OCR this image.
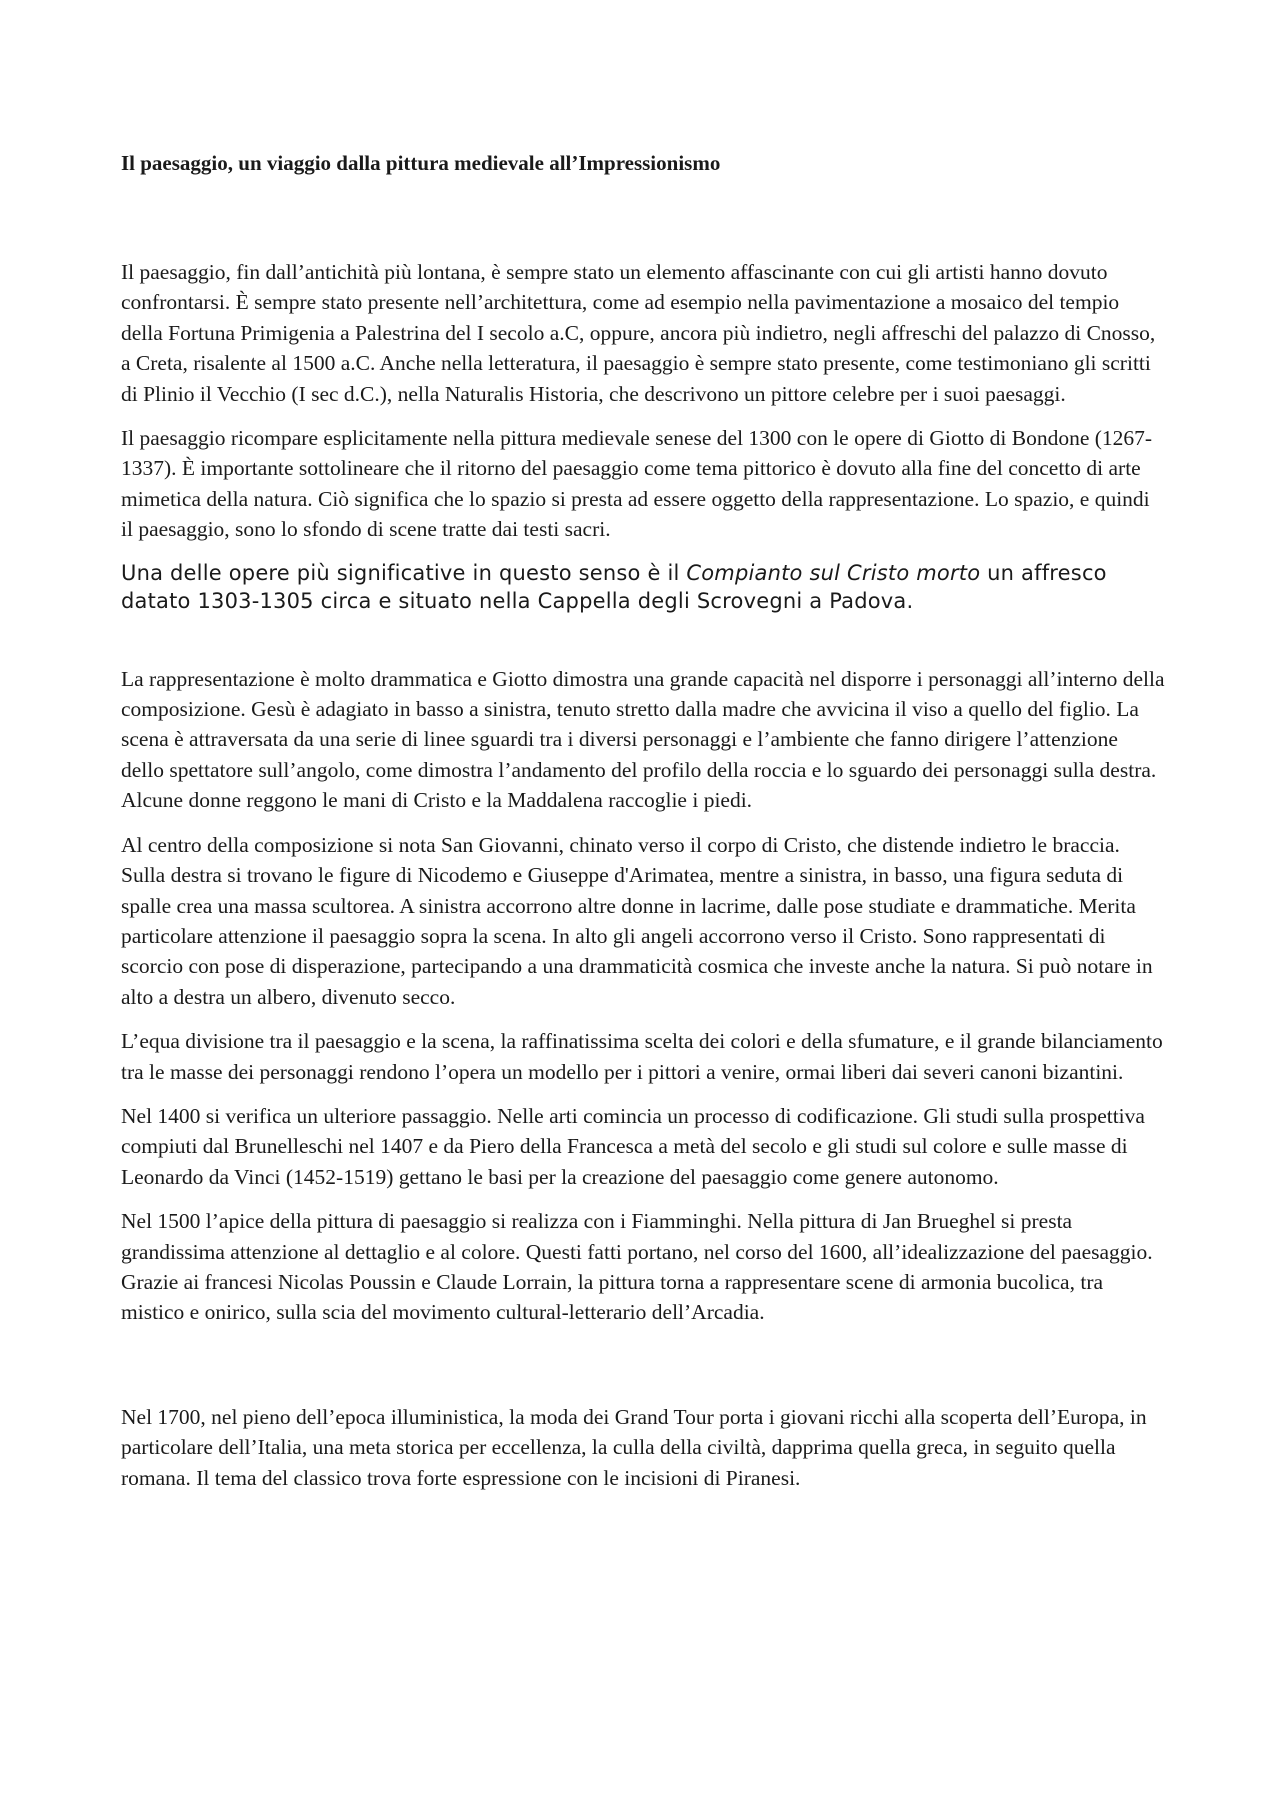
Il paesaggio, un viaggio dalla pittura medievale all’Impressionismo

Il paesaggio, fin dall’antichità più lontana, è sempre stato un elemento affascinante con cui gli artisti hanno dovuto confrontarsi. È sempre stato presente nell’architettura, come ad esempio nella pavimentazione a mosaico del tempio della Fortuna Primigenia a Palestrina del I secolo a.C, oppure, ancora più indietro, negli affreschi del palazzo di Cnosso, a Creta, risalente al 1500 a.C. Anche nella letteratura, il paesaggio è sempre stato presente, come testimoniano gli scritti di Plinio il Vecchio (I sec d.C.), nella Naturalis Historia, che descrivono un pittore celebre per i suoi paesaggi.

Il paesaggio ricompare esplicitamente nella pittura medievale senese del 1300 con le opere di Giotto di Bondone (1267-1337). È importante sottolineare che il ritorno del paesaggio come tema pittorico è dovuto alla fine del concetto di arte mimetica della natura. Ciò significa che lo spazio si presta ad essere oggetto della rappresentazione. Lo spazio, e quindi il paesaggio, sono lo sfondo di scene tratte dai testi sacri.

Una delle opere più significative in questo senso è il Compianto sul Cristo morto un affresco datato 1303-1305 circa e situato nella Cappella degli Scrovegni a Padova.

La rappresentazione è molto drammatica e Giotto dimostra una grande capacità nel disporre i personaggi all’interno della composizione. Gesù è adagiato in basso a sinistra, tenuto stretto dalla madre che avvicina il viso a quello del figlio. La scena è attraversata da una serie di linee sguardi tra i diversi personaggi e l’ambiente che fanno dirigere l’attenzione dello spettatore sull’angolo, come dimostra l’andamento del profilo della roccia e lo sguardo dei personaggi sulla destra. Alcune donne reggono le mani di Cristo e la Maddalena raccoglie i piedi.

Al centro della composizione si nota San Giovanni, chinato verso il corpo di Cristo, che distende indietro le braccia. Sulla destra si trovano le figure di Nicodemo e Giuseppe d'Arimatea, mentre a sinistra, in basso, una figura seduta di spalle crea una massa scultorea. A sinistra accorrono altre donne in lacrime, dalle pose studiate e drammatiche. Merita particolare attenzione il paesaggio sopra la scena. In alto gli angeli accorrono verso il Cristo. Sono rappresentati di scorcio con pose di disperazione, partecipando a una drammaticità cosmica che investe anche la natura. Si può notare in alto a destra un albero, divenuto secco.

L’equa divisione tra il paesaggio e la scena, la raffinatissima scelta dei colori e della sfumature, e il grande bilanciamento tra le masse dei personaggi rendono l’opera un modello per i pittori a venire, ormai liberi dai severi canoni bizantini.

Nel 1400 si verifica un ulteriore passaggio. Nelle arti comincia un processo di codificazione. Gli studi sulla prospettiva compiuti dal Brunelleschi nel 1407 e da Piero della Francesca a metà del secolo e gli studi sul colore e sulle masse di Leonardo da Vinci (1452-1519) gettano le basi per la creazione del paesaggio come genere autonomo.

Nel 1500 l’apice della pittura di paesaggio si realizza con i Fiamminghi. Nella pittura di Jan Brueghel si presta grandissima attenzione al dettaglio e al colore. Questi fatti portano, nel corso del 1600, all’idealizzazione del paesaggio. Grazie ai francesi Nicolas Poussin e Claude Lorrain, la pittura torna a rappresentare scene di armonia bucolica, tra mistico e onirico, sulla scia del movimento cultural-letterario dell’Arcadia.

Nel 1700, nel pieno dell’epoca illuministica, la moda dei Grand Tour porta i giovani ricchi alla scoperta dell’Europa, in particolare dell’Italia, una meta storica per eccellenza, la culla della civiltà, dapprima quella greca, in seguito quella romana. Il tema del classico trova forte espressione con le incisioni di Piranesi.
